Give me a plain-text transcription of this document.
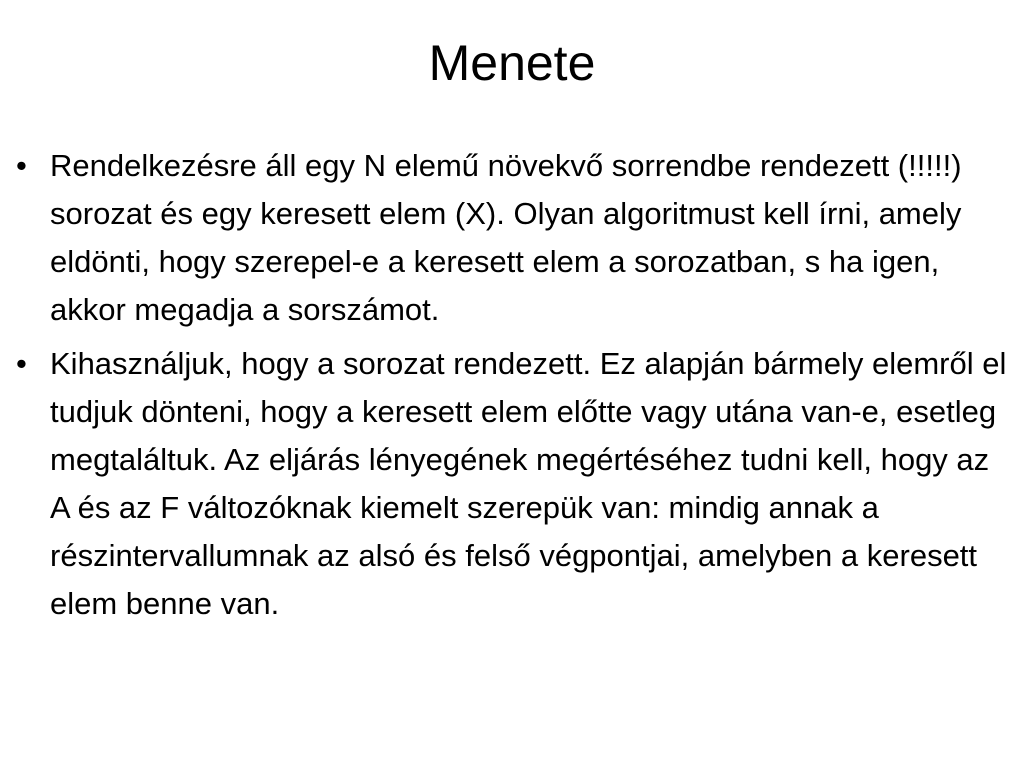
Menete
• Rendelkezésre áll egy N elemű növekvő sorrendbe rendezett (!!!!!) sorozat és egy keresett elem (X). Olyan algoritmust kell írni, amely eldönti, hogy szerepel-e a keresett elem a sorozatban, s ha igen, akkor megadja a sorszámot.
• Kihasználjuk, hogy a sorozat rendezett. Ez alapján bármely elemről el tudjuk dönteni, hogy a keresett elem előtte vagy utána van-e, esetleg megtaláltuk. Az eljárás lényegének megértéséhez tudni kell, hogy az A és az F változóknak kiemelt szerepük van: mindig annak a részintervallumnak az alsó és felső végpontjai, amelyben a keresett elem benne van.
